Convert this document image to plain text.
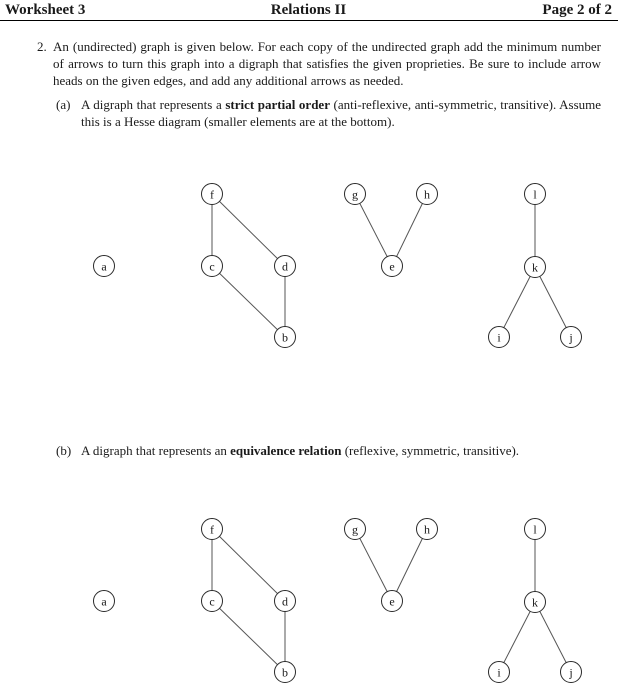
Worksheet 3	Relations II	Page 2 of 2
2. An (undirected) graph is given below. For each copy of the undirected graph add the minimum number of arrows to turn this graph into a digraph that satisfies the given proprieties. Be sure to include arrow heads on the given edges, and add any additional arrows as needed.

(a) A digraph that represents a strict partial order (anti-reflexive, anti-symmetric, transitive). Assume this is a Hesse diagram (smaller elements are at the bottom).

a
f
c	d
b
g	h
e
l
k
i	j
(b) A digraph that represents an equivalence relation (reflexive, symmetric, transitive).

a
f
c	d
b
g	h
e
l
k
i	j
